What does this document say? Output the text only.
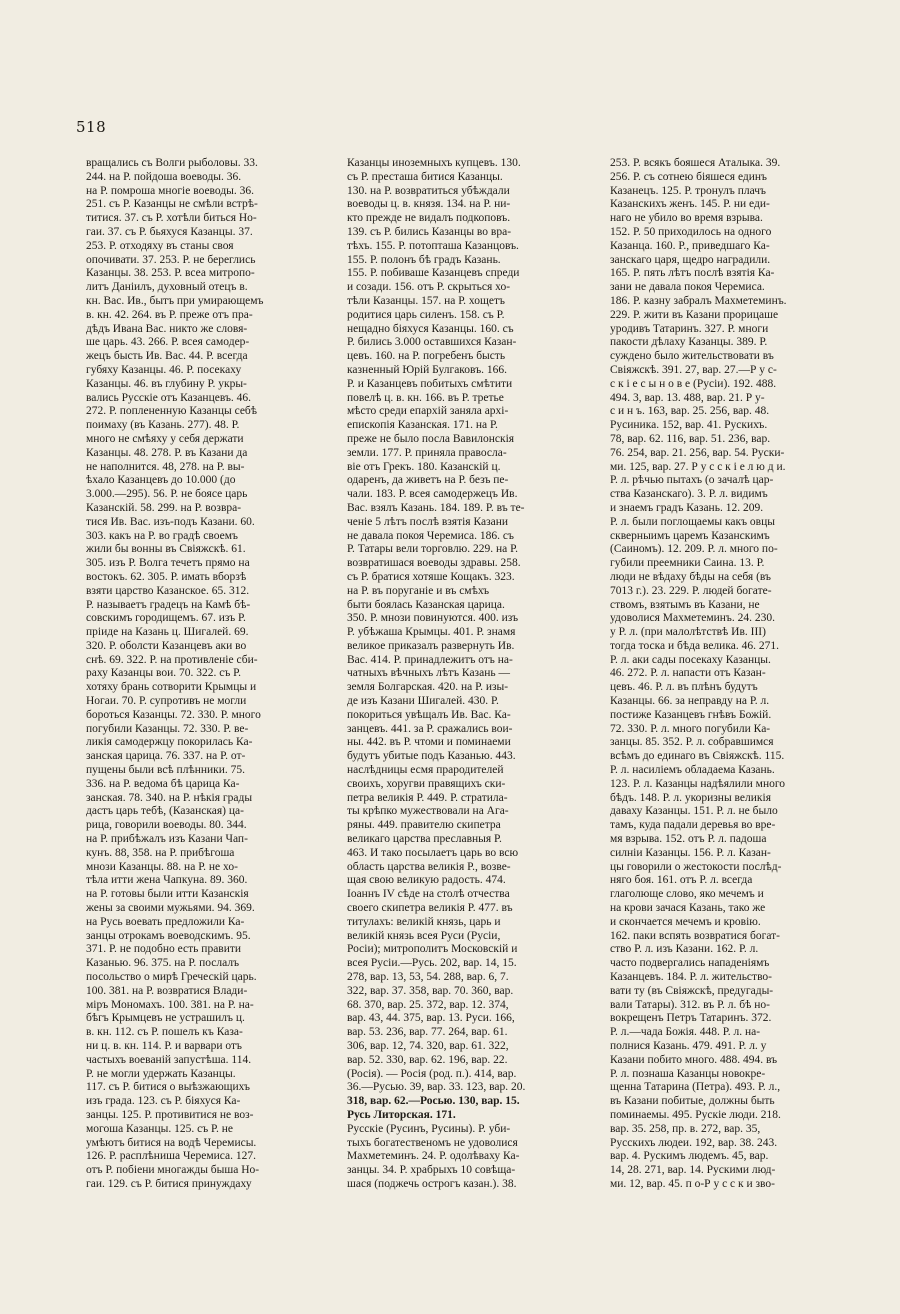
518
вращались съ Волги рыболовы. 33.
244. на Р. пойдоша воеводы. 36.
на Р. помроша многіе воеводы. 36.
251. съ Р. Казанцы не смѣли встрѣ-
титися. 37. съ Р. хотѣли биться Но-
гаи. 37. съ Р. бьяхуся Казанцы. 37.
253. Р. отходяху въ станы своя
опочивати. 37. 253. Р. не береглись
Казанцы. 38. 253. Р. всеа митропо-
литъ Даніилъ, духовный отецъ в.
кн. Вас. Ив., бытъ при умирающемъ
в. кн. 42. 264. въ Р. преже отъ пра-
дѣдъ Ивана Вас. никто же словя-
ше царь. 43. 266. Р. всея самодер-
жецъ бысть Ив. Вас. 44. Р. всегда
губяху Казанцы. 46. Р. посекаху
Казанцы. 46. въ глубину Р. укры-
вались Русскіе отъ Казанцевъ. 46.
272. Р. поплененную Казанцы себѣ
поимаху (въ Казань. 277). 48. Р.
много не смѣяху у себя держати
Казанцы. 48. 278. Р. въ Казани да
не наполнится. 48, 278. на Р. вы-
ѣхало Казанцевъ до 10.000 (до
3.000.—295). 56. Р. не боясе царь
Казанскій. 58. 299. на Р. возвра-
тися Ив. Вас. изъ-подъ Казани. 60.
303. какъ на Р. во градѣ своемъ
жили бы вонны въ Свіяжскѣ. 61.
305. изъ Р. Волга течетъ прямо на
востокъ. 62. 305. Р. имать вборзѣ
взяти царство Казанское. 65. 312.
Р. называетъ градецъ на Камѣ бѣ-
совскимъ городищемъ. 67. изъ Р.
пріиде на Казань ц. Шигалей. 69.
320. Р. оболсти Казанцевъ аки во
снѣ. 69. 322. Р. на противленіе сби-
раху Казанцы вои. 70. 322. съ Р.
хотяху брань сотворити Крымцы и
Ногаи. 70. Р. супротивъ не могли
бороться Казанцы. 72. 330. Р. много
погубили Казанцы. 72. 330. Р. ве-
ликія самодержцу покорилась Ка-
занская царица. 76. 337. на Р. от-
пущены были всѣ плѣнники. 75.
336. на Р. ведома бѣ царица Ка-
занская. 78. 340. на Р. нѣкія грады
дастъ царь тебѣ, (Казанская) ца-
рица, говорили воеводы. 80. 344.
на Р. прибѣжалъ изъ Казани Чап-
кунъ. 88, 358. на Р. прибѣгоша
мнози Казанцы. 88. на Р. не хо-
тѣла итти жена Чапкуна. 89. 360.
на Р. готовы были итти Казанскія
жены за своими мужьями. 94. 369.
на Русь воевать предложили Ка-
занцы отрокамъ воеводскимъ. 95.
371. Р. не подобно есть правити
Казанью. 96. 375. на Р. послалъ
посольство о мирѣ Греческій царь.
100. 381. на Р. возвратися Влади-
міръ Мономахъ. 100. 381. на Р. на-
бѣгъ Крымцевъ не устрашилъ ц.
в. кн. 112. съ Р. пошелъ къ Каза-
ни ц. в. кн. 114. Р. и варвари отъ
частыхъ вoеваній запустѣша. 114.
Р. не могли удержать Казанцы.
117. съ Р. битися о выѣзжающихъ
изъ града. 123. съ Р. біяхуся Ка-
занцы. 125. Р. противитися не воз-
могоша Казанцы. 125. съ Р. не
умѣютъ битися на водѣ Черемисы.
126. Р. расплѣниша Черемиса. 127.
отъ Р. побіени многажды быша Но-
гаи. 129. съ Р. битися принуждаху
Казанцы иноземныхъ купцевъ. 130.
съ Р. престаша битися Казанцы.
130. на Р. возвратиться убѣждали
воеводы ц. в. князя. 134. на Р. ни-
кто прежде не видалъ подкоповъ.
139. съ Р. бились Казанцы во вра-
тѣхъ. 155. Р. потопташа Казанцовъ.
155. Р. полонъ бѣ градъ Казань.
155. Р. побиваше Казанцевъ спреди
и созади. 156. отъ Р. скрыться хо-
тѣли Казанцы. 157. на Р. хощетъ
родитися царь силенъ. 158. съ Р.
нещадно біяхуся Казанцы. 160. съ
Р. бились 3.000 оставшихся Казан-
цевъ. 160. на Р. погребенъ бысть
казненный Юрій Булгаковъ. 166.
Р. и Казанцевъ побитыхъ смѣтити
повелѣ ц. в. кн. 166. въ Р. третье
мѣсто среди епархій заняла архі-
епископія Казанская. 171. на Р.
преже не было посла Вавилонскія
земли. 177. Р. приняла правосла-
віе отъ Грекъ. 180. Казанскій ц.
одаренъ, да живетъ на Р. безъ пе-
чали. 183. Р. всея самодержецъ Ив.
Вас. взялъ Казань. 184. 189. Р. въ те-
ченіе 5 лѣтъ послѣ взятія Казани
не давала покоя Черемиса. 186. съ
Р. Татары вели торговлю. 229. на Р.
возвратишася воеводы здравы. 258.
съ Р. братися хотяше Кощакъ. 323.
на Р. въ поруганіе и въ смѣхъ
быти боялась Казанская царица.
350. Р. мнози повинуются. 400. изъ
Р. убѣжаша Крымцы. 401. Р. знамя
великое приказалъ развернуть Ив.
Вас. 414. Р. принадлежитъ отъ на-
чатныхъ вѣчныхъ лѣтъ Казань —
земля Болгарская. 420. на Р. изы-
де изъ Казани Шигалей. 430. Р.
покориться увѣщалъ Ив. Вас. Ка-
занцевъ. 441. за Р. сражались вои-
ны. 442. въ Р. чтоми и поминаеми
будутъ убитые подъ Казанью. 443.
наслѣдницы есмя прародителей
своихъ, хоругви правящихъ ски-
петра великія Р. 449. Р. стратила-
ты крѣпко мужествовали на Ага-
ряны. 449. правителю скипетра
великаго царства преславныя Р.
463. И тако посылаетъ царь во всю
область царства великія Р., возве-
щая свою великую радость. 474.
Іоаннъ IV сѣде на столѣ отчества
своего скипетра великія Р. 477. въ
титулахъ: великій князь, царь и
великій князь всея Руси (Русіи,
Росіи); митрополитъ Московскій и
всея Русіи.—Русь. 202, вар. 14, 15.
278, вар. 13, 53, 54. 288, вар. 6, 7.
322, вар. 37. 358, вар. 70. 360, вар.
68. 370, вар. 25. 372, вар. 12. 374,
вар. 43, 44. 375, вар. 13. Руси. 166,
вар. 53. 236, вар. 77. 264, вар. 61.
306, вар. 12, 74. 320, вар. 61. 322,
вар. 52. 330, вар. 62. 196, вар. 22.
(Росія). — Росія (род. п.). 414, вар.
36.—Русью. 39, вар. 33. 123, вар. 20.
318, вар. 62.—Росью. 130, вар. 15.
Русь Литорская. 171.
Русскіе (Русинъ, Русины). Р. уби-
тыхъ богатественомъ не удоволися
Махметеминъ. 24. Р. одолѣваху Ка-
занцы. 34. Р. храбрыхъ 10 совѣща-
шася (поджечь острогъ казан.). 38.
253. Р. всякъ бояшеся Аталыка. 39.
256. Р. съ сотнею біяшеся единъ
Казанецъ. 125. Р. тронулъ плачъ
Казанскихъ женъ. 145. Р. ни еди-
наго не убило во время взрыва.
152. Р. 50 приходилось на одного
Казанца. 160. Р., приведшаго Ка-
занскаго царя, щедро наградили.
165. Р. пять лѣтъ послѣ взятія Ка-
зани не давала покоя Черемиса.
186. Р. казну забралъ Махметеминъ.
229. Р. жити въ Казани прорицаше
уродивъ Татаринъ. 327. Р. многи
пакости дѣлаху Казанцы. 389. Р.
суждено было жительствовати въ
Свіяжскѣ. 391. 27, вар. 27.—Р у с-
с к і е с ы н о в е (Русіи). 192. 488.
494. 3, вар. 13. 488, вар. 21. Р у-
с и н ъ. 163, вар. 25. 256, вар. 48.
Русиника. 152, вар. 41. Рускихъ.
78, вар. 62. 116, вар. 51. 236, вар.
76. 254, вар. 21. 256, вар. 54. Руски-
ми. 125, вар. 27. Р у с с к і е л ю д и.
Р. л. рѣчью пытахъ (о зачалѣ цар-
ства Казанскаго). 3. Р. л. видимъ
и знаемъ градъ Казань. 12. 209.
Р. л. были поглощаемы какъ овцы
скверныимъ царемъ Казанскимъ
(Саиномъ). 12. 209. Р. л. много по-
губили преемники Саина. 13. Р.
люди не вѣдаху бѣды на себя (въ
7013 г.). 23. 229. Р. людей богате-
ствомъ, взятымъ въ Казани, не
удоволися Махметеминъ. 24. 230.
у Р. л. (при малолѣтствѣ Ив. III)
тогда тоска и бѣда велика. 46. 271.
Р. л. аки сады посекаху Казанцы.
46. 272. Р. л. напасти отъ Казан-
цевъ. 46. Р. л. въ плѣнъ будутъ
Казанцы. 66. за неправду на Р. л.
постиже Казанцевъ гнѣвъ Божій.
72. 330. Р. л. много погубили Ка-
занцы. 85. 352. Р. л. собравшимся
всѣмъ до единаго въ Свіяжскѣ. 115.
Р. л. насиліемъ обладаема Казань.
123. Р. л. Казанцы надѣялили много
бѣдъ. 148. Р. л. укоризны великія
даваху Казанцы. 151. Р. л. не было
тамъ, куда падали деревья во вре-
мя взрыва. 152. отъ Р. л. падоша
силніи Казанцы. 156. Р. л. Казан-
цы говорили о жестокости послѣд-
няго боя. 161. отъ Р. л. всегда
глаголюще слово, яко мечемъ и
на крови зачася Казань, тако же
и скончается мечемъ и кровію.
162. паки вспять возвратися богат-
ство Р. л. изъ Казани. 162. Р. л.
часто подвергались нападеніямъ
Казанцевъ. 184. Р. л. жительство-
вати ту (въ Свіяжскѣ, предугады-
вали Татары). 312. въ Р. л. бѣ но-
вокрещенъ Петръ Татаринъ. 372.
Р. л.—чада Божія. 448. Р. л. на-
полнися Казань. 479. 491. Р. л. у
Казани побито много. 488. 494. въ
Р. л. познаша Казанцы новокре-
щенна Татарина (Петра). 493. Р. л.,
въ Казани побитые, должны быть
поминаемы. 495. Рускіе люди. 218.
вар. 35. 258, пр. в. 272, вар. 35,
Русскихъ людеи. 192, вар. 38. 243.
вар. 4. Рускимъ людемъ. 45, вар.
14, 28. 271, вар. 14. Рускими люд-
ми. 12, вар. 45. п о-Р у с с к и зво-
